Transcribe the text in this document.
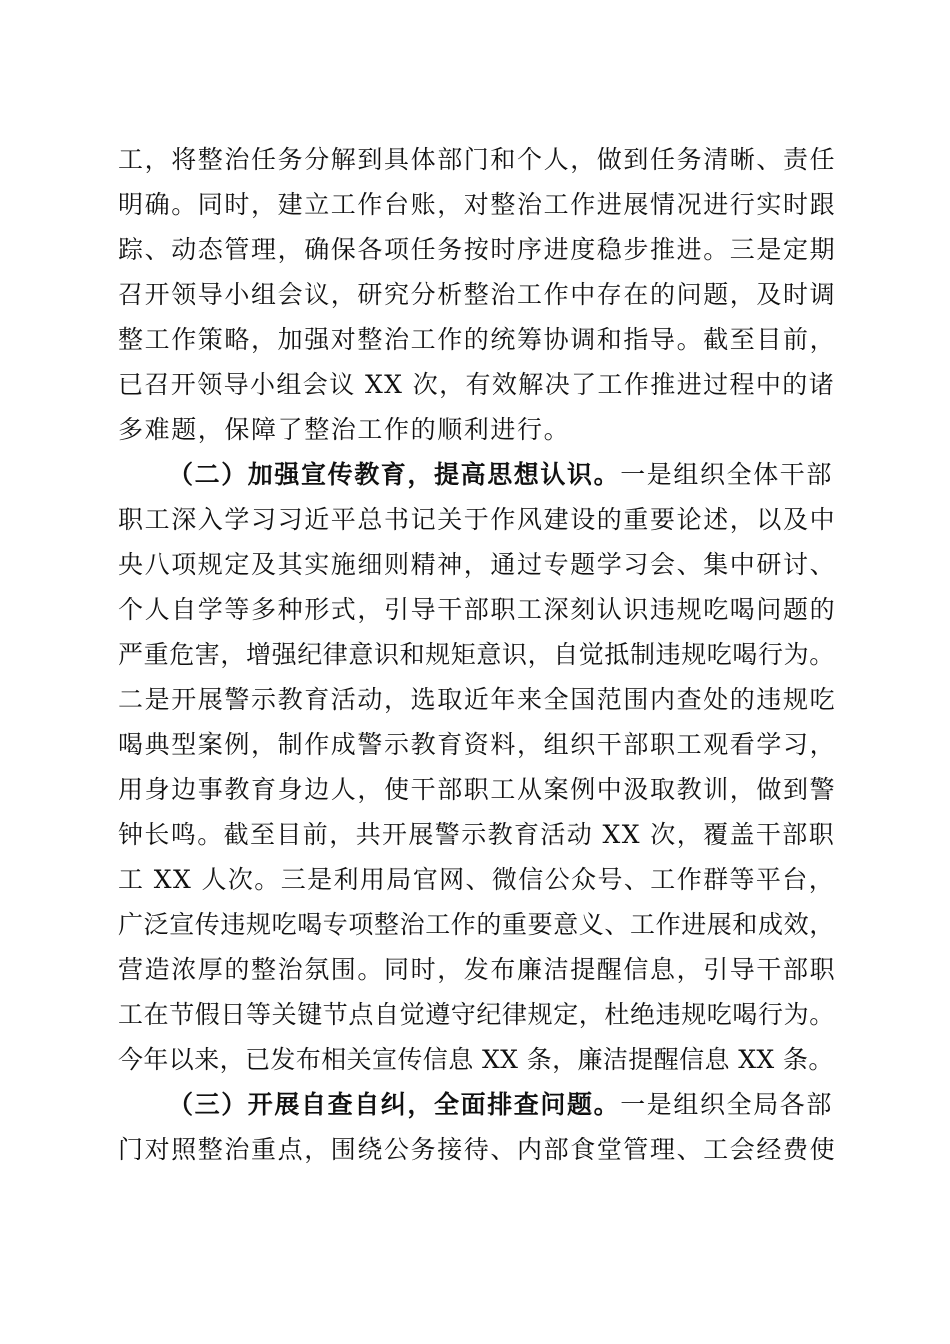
工，将整治任务分解到具体部门和个人，做到任务清晰、责任
明确。同时，建立工作台账，对整治工作进展情况进行实时跟
踪、动态管理，确保各项任务按时序进度稳步推进。三是定期
召开领导小组会议，研究分析整治工作中存在的问题，及时调
整工作策略，加强对整治工作的统筹协调和指导。截至目前，
已召开领导小组会议 XX 次，有效解决了工作推进过程中的诸
多难题，保障了整治工作的顺利进行。
（二）加强宣传教育，提高思想认识。一是组织全体干部
职工深入学习习近平总书记关于作风建设的重要论述，以及中
央八项规定及其实施细则精神，通过专题学习会、集中研讨、
个人自学等多种形式，引导干部职工深刻认识违规吃喝问题的
严重危害，增强纪律意识和规矩意识，自觉抵制违规吃喝行为。
二是开展警示教育活动，选取近年来全国范围内查处的违规吃
喝典型案例，制作成警示教育资料，组织干部职工观看学习，
用身边事教育身边人，使干部职工从案例中汲取教训，做到警
钟长鸣。截至目前，共开展警示教育活动 XX 次，覆盖干部职
工 XX 人次。三是利用局官网、微信公众号、工作群等平台，
广泛宣传违规吃喝专项整治工作的重要意义、工作进展和成效，
营造浓厚的整治氛围。同时，发布廉洁提醒信息，引导干部职
工在节假日等关键节点自觉遵守纪律规定，杜绝违规吃喝行为。
今年以来，已发布相关宣传信息 XX 条，廉洁提醒信息 XX 条。
（三）开展自查自纠，全面排查问题。一是组织全局各部
门对照整治重点，围绕公务接待、内部食堂管理、工会经费使
